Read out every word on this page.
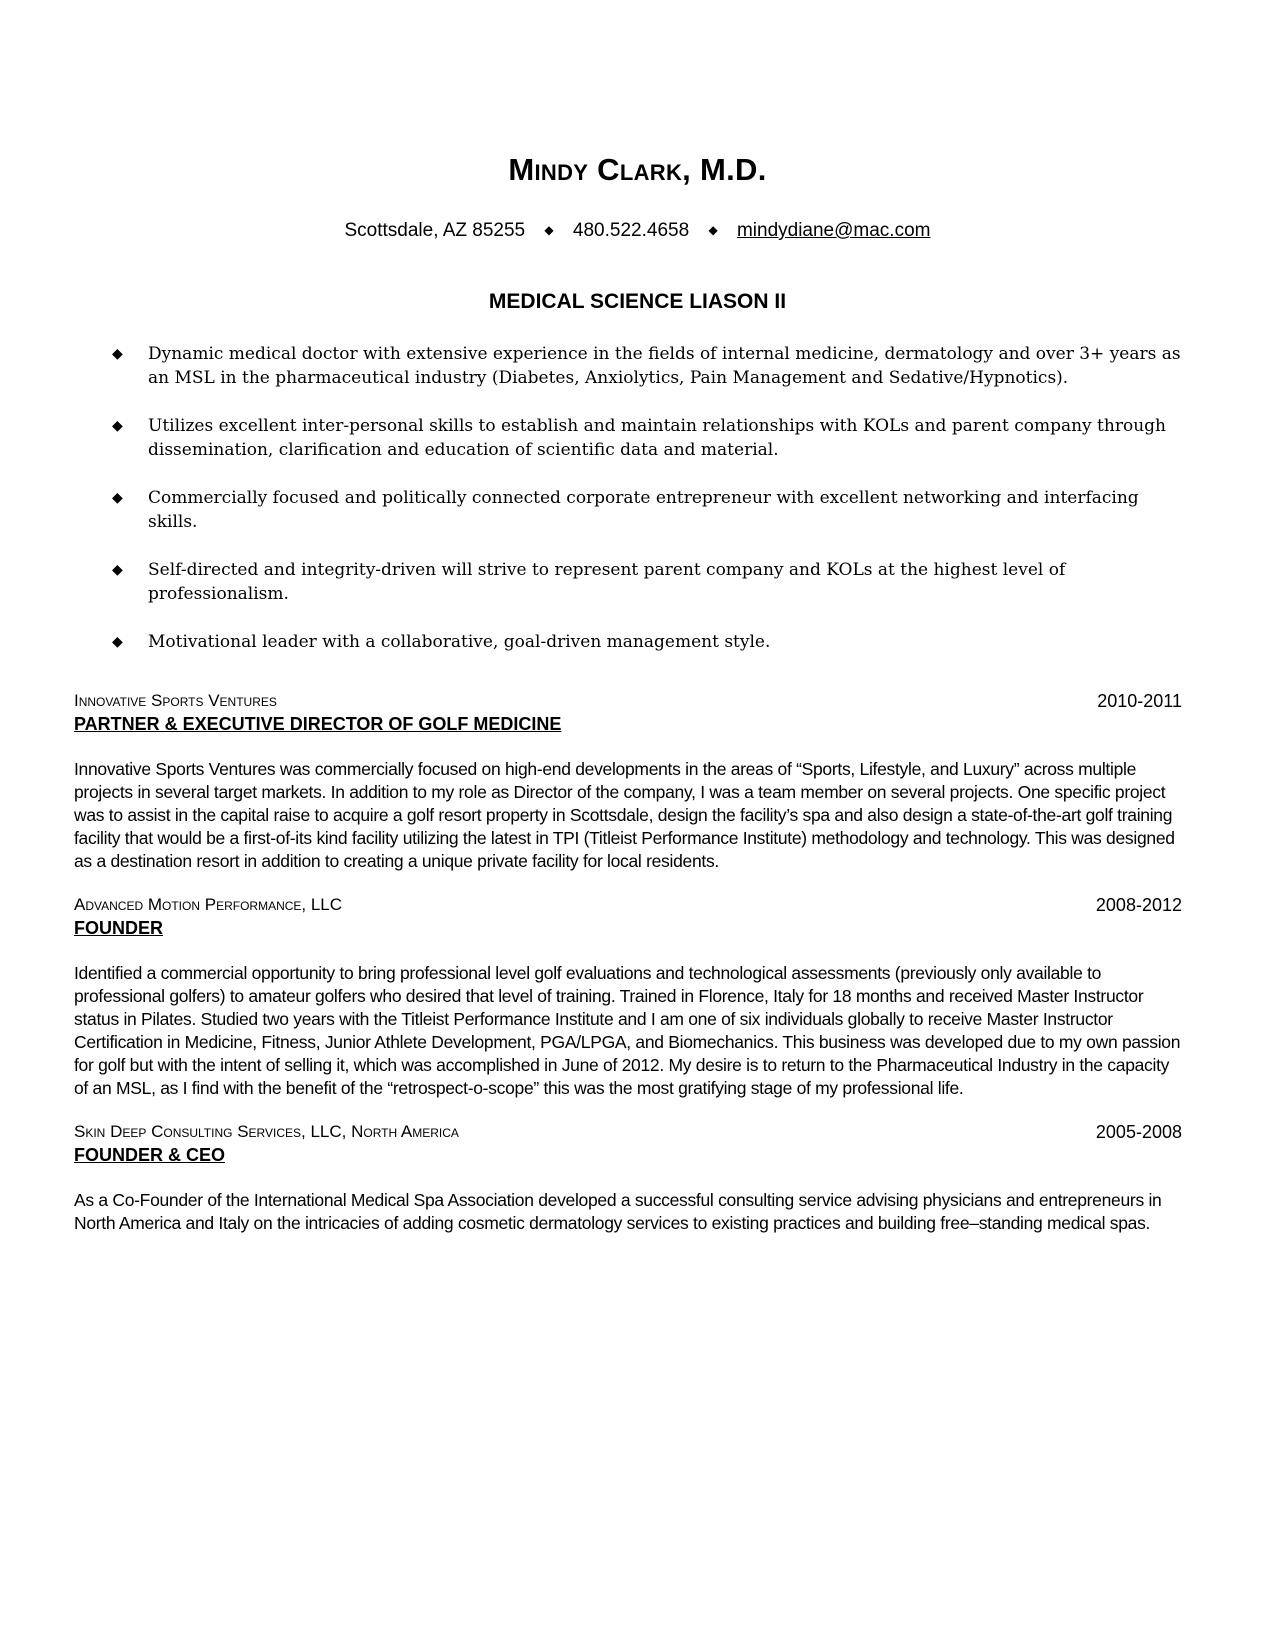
Mindy Clark, M.D.
Scottsdale, AZ 85255 ◆ 480.522.4658 ◆ mindydiane@mac.com
MEDICAL SCIENCE LIASON II
◆ Dynamic medical doctor with extensive experience in the fields of internal medicine, dermatology and over 3+ years as an MSL in the pharmaceutical industry (Diabetes, Anxiolytics, Pain Management and Sedative/Hypnotics).
◆ Utilizes excellent inter-personal skills to establish and maintain relationships with KOLs and parent company through dissemination, clarification and education of scientific data and material.
◆ Commercially focused and politically connected corporate entrepreneur with excellent networking and interfacing skills.
◆ Self-directed and integrity-driven will strive to represent parent company and KOLs at the highest level of professionalism.
◆ Motivational leader with a collaborative, goal-driven management style.
Innovative Sports Ventures	2010-2011
PARTNER & EXECUTIVE DIRECTOR OF GOLF MEDICINE
Innovative Sports Ventures was commercially focused on high-end developments in the areas of “Sports, Lifestyle, and Luxury” across multiple projects in several target markets. In addition to my role as Director of the company, I was a team member on several projects. One specific project was to assist in the capital raise to acquire a golf resort property in Scottsdale, design the facility’s spa and also design a state-of-the-art golf training facility that would be a first-of-its kind facility utilizing the latest in TPI (Titleist Performance Institute) methodology and technology. This was designed as a destination resort in addition to creating a unique private facility for local residents.
Advanced Motion Performance, LLC	2008-2012
FOUNDER
Identified a commercial opportunity to bring professional level golf evaluations and technological assessments (previously only available to professional golfers) to amateur golfers who desired that level of training. Trained in Florence, Italy for 18 months and received Master Instructor status in Pilates. Studied two years with the Titleist Performance Institute and I am one of six individuals globally to receive Master Instructor Certification in Medicine, Fitness, Junior Athlete Development, PGA/LPGA, and Biomechanics. This business was developed due to my own passion for golf but with the intent of selling it, which was accomplished in June of 2012. My desire is to return to the Pharmaceutical Industry in the capacity of an MSL, as I find with the benefit of the “retrospect-o-scope” this was the most gratifying stage of my professional life.
Skin Deep Consulting Services, LLC, North America	2005-2008
FOUNDER & CEO
As a Co-Founder of the International Medical Spa Association developed a successful consulting service advising physicians and entrepreneurs in North America and Italy on the intricacies of adding cosmetic dermatology services to existing practices and building free–standing medical spas.
